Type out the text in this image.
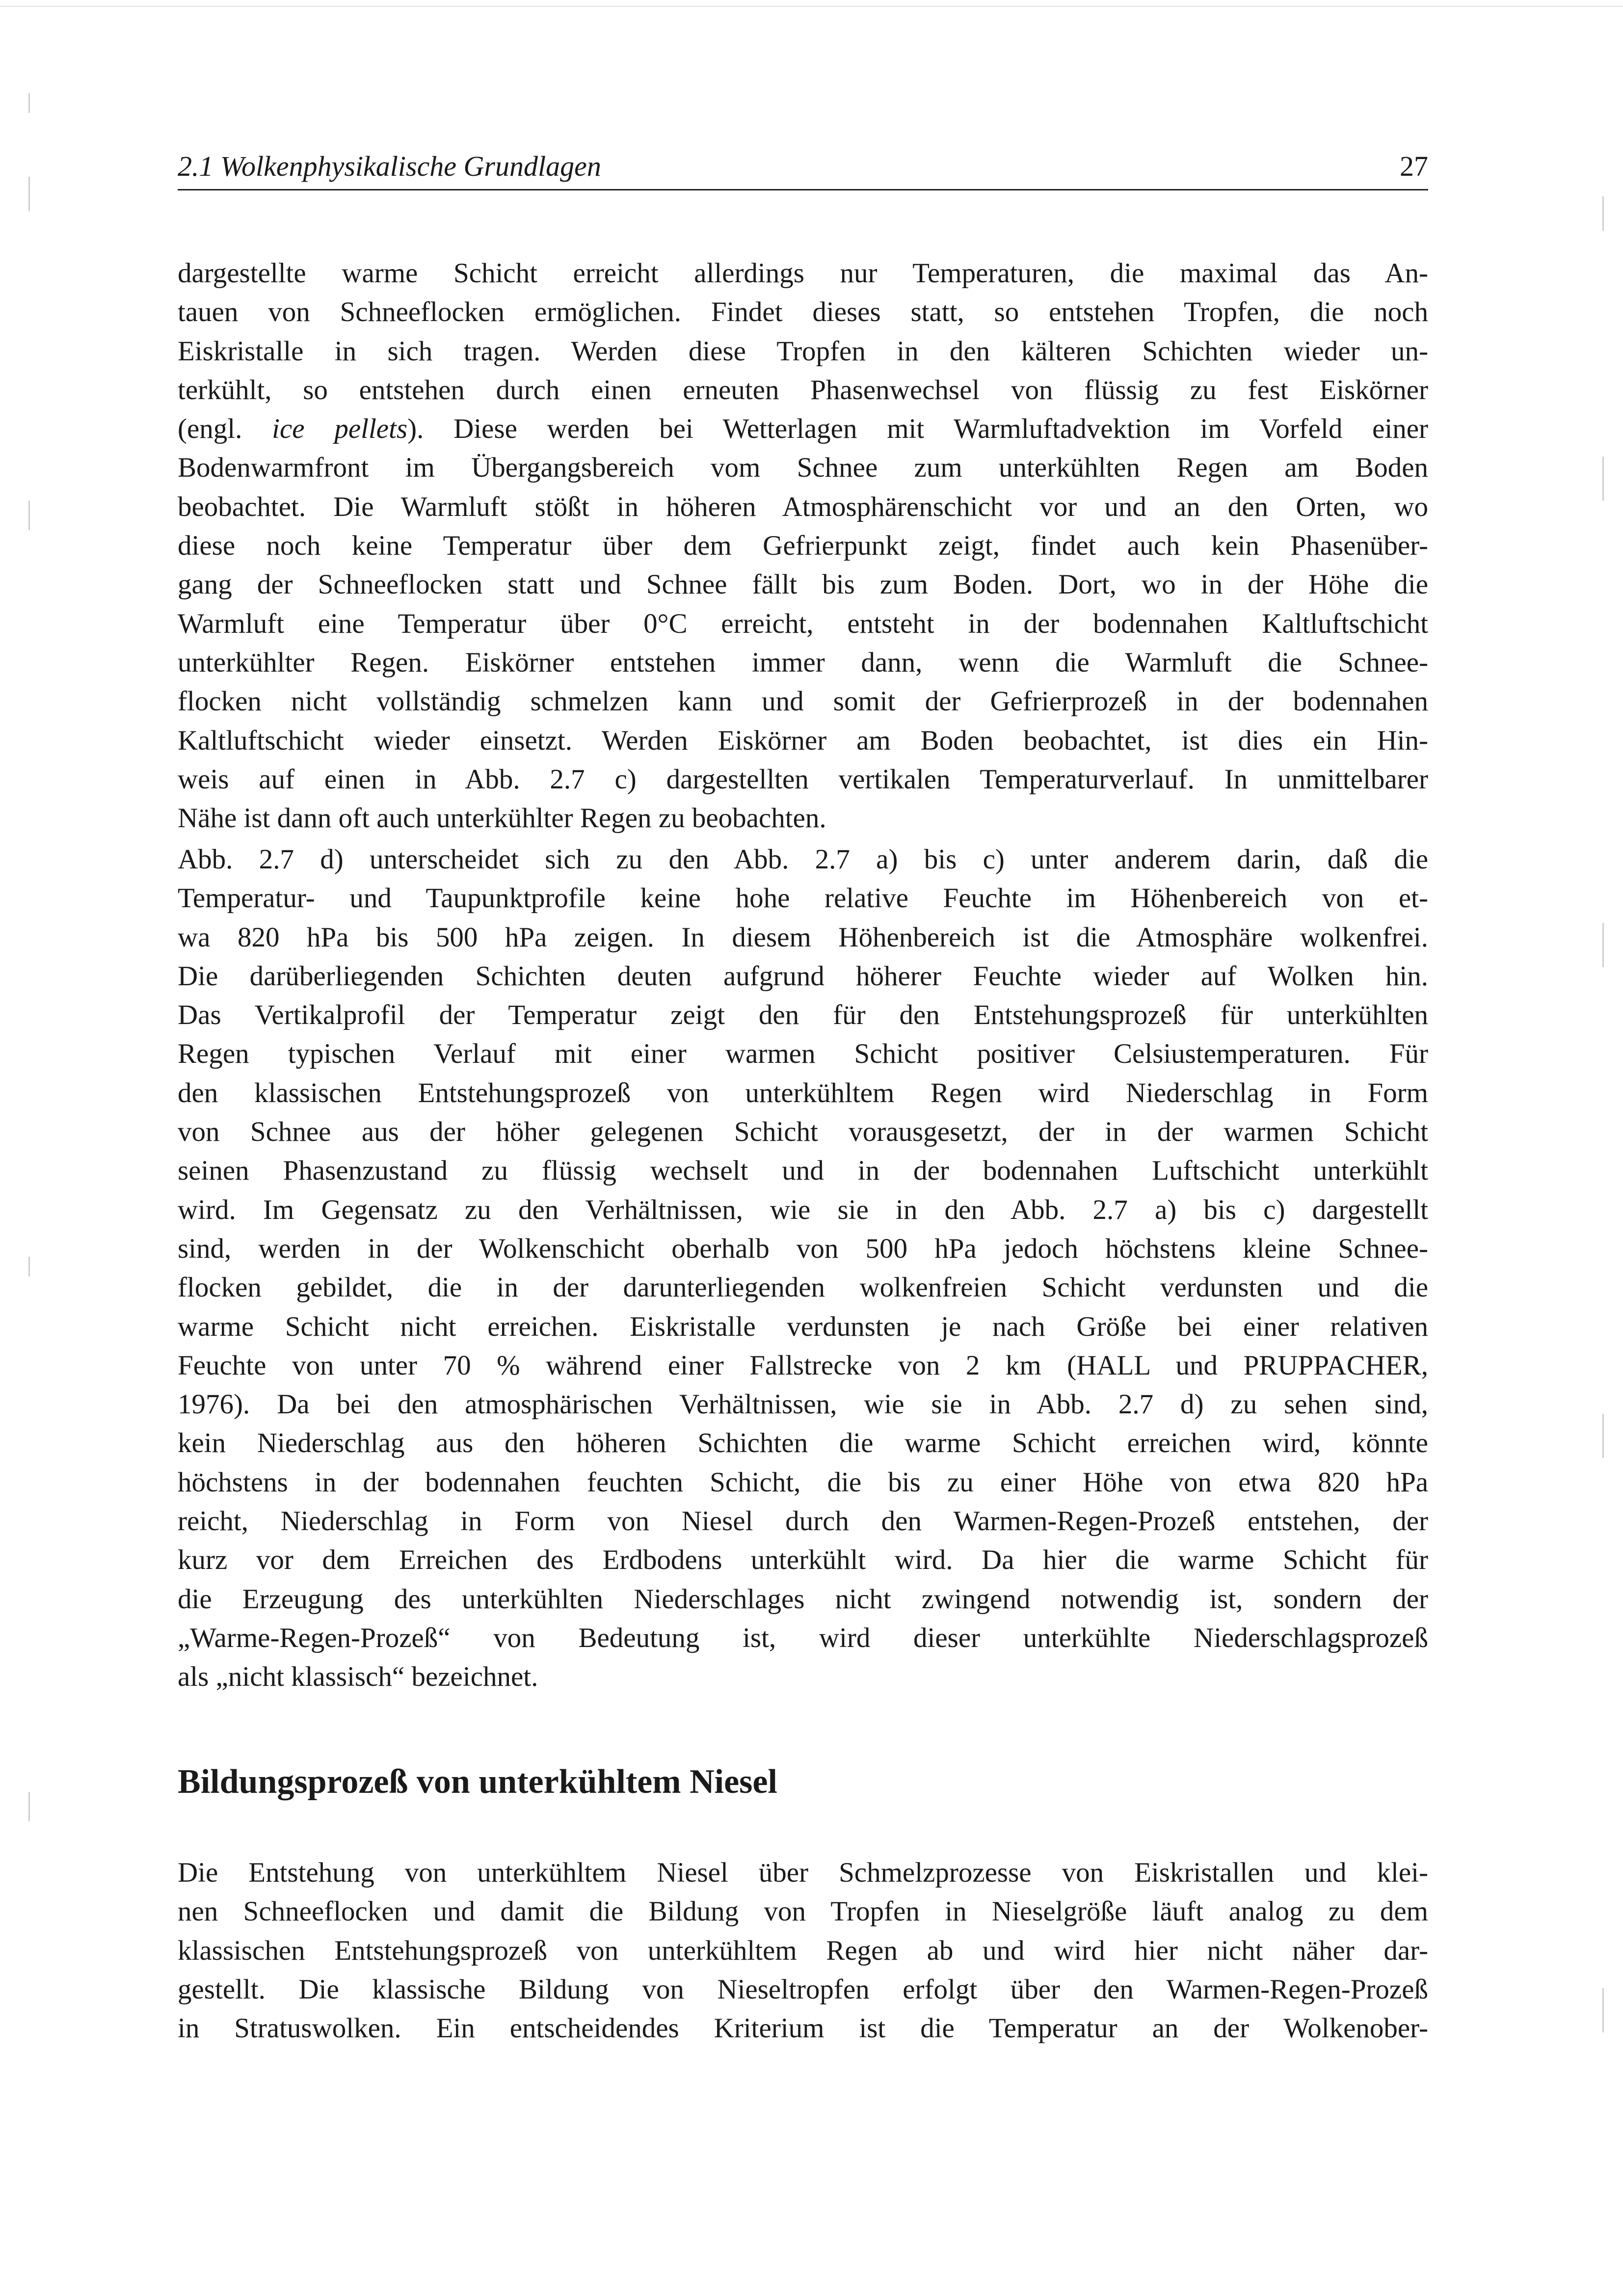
2.1 Wolkenphysikalische Grundlagen	27
dargestellte warme Schicht erreicht allerdings nur Temperaturen, die maximal das An-
tauen von Schneeflocken ermöglichen. Findet dieses statt, so entstehen Tropfen, die noch
Eiskristalle in sich tragen. Werden diese Tropfen in den kälteren Schichten wieder un-
terkühlt, so entstehen durch einen erneuten Phasenwechsel von flüssig zu fest Eiskörner
(engl. ice pellets). Diese werden bei Wetterlagen mit Warmluftadvektion im Vorfeld einer
Bodenwarmfront im Übergangsbereich vom Schnee zum unterkühlten Regen am Boden
beobachtet. Die Warmluft stößt in höheren Atmosphärenschicht vor und an den Orten, wo
diese noch keine Temperatur über dem Gefrierpunkt zeigt, findet auch kein Phasenüber-
gang der Schneeflocken statt und Schnee fällt bis zum Boden. Dort, wo in der Höhe die
Warmluft eine Temperatur über 0°C erreicht, entsteht in der bodennahen Kaltluftschicht
unterkühlter Regen. Eiskörner entstehen immer dann, wenn die Warmluft die Schnee-
flocken nicht vollständig schmelzen kann und somit der Gefrierprozeß in der bodennahen
Kaltluftschicht wieder einsetzt. Werden Eiskörner am Boden beobachtet, ist dies ein Hin-
weis auf einen in Abb. 2.7 c) dargestellten vertikalen Temperaturverlauf. In unmittelbarer
Nähe ist dann oft auch unterkühlter Regen zu beobachten.
Abb. 2.7 d) unterscheidet sich zu den Abb. 2.7 a) bis c) unter anderem darin, daß die
Temperatur- und Taupunktprofile keine hohe relative Feuchte im Höhenbereich von et-
wa 820 hPa bis 500 hPa zeigen. In diesem Höhenbereich ist die Atmosphäre wolkenfrei.
Die darüberliegenden Schichten deuten aufgrund höherer Feuchte wieder auf Wolken hin.
Das Vertikalprofil der Temperatur zeigt den für den Entstehungsprozeß für unterkühlten
Regen typischen Verlauf mit einer warmen Schicht positiver Celsiustemperaturen. Für
den klassischen Entstehungsprozeß von unterkühltem Regen wird Niederschlag in Form
von Schnee aus der höher gelegenen Schicht vorausgesetzt, der in der warmen Schicht
seinen Phasenzustand zu flüssig wechselt und in der bodennahen Luftschicht unterkühlt
wird. Im Gegensatz zu den Verhältnissen, wie sie in den Abb. 2.7 a) bis c) dargestellt
sind, werden in der Wolkenschicht oberhalb von 500 hPa jedoch höchstens kleine Schnee-
flocken gebildet, die in der darunterliegenden wolkenfreien Schicht verdunsten und die
warme Schicht nicht erreichen. Eiskristalle verdunsten je nach Größe bei einer relativen
Feuchte von unter 70 % während einer Fallstrecke von 2 km (HALL und PRUPPACHER,
1976). Da bei den atmosphärischen Verhältnissen, wie sie in Abb. 2.7 d) zu sehen sind,
kein Niederschlag aus den höheren Schichten die warme Schicht erreichen wird, könnte
höchstens in der bodennahen feuchten Schicht, die bis zu einer Höhe von etwa 820 hPa
reicht, Niederschlag in Form von Niesel durch den Warmen-Regen-Prozeß entstehen, der
kurz vor dem Erreichen des Erdbodens unterkühlt wird. Da hier die warme Schicht für
die Erzeugung des unterkühlten Niederschlages nicht zwingend notwendig ist, sondern der
„Warme-Regen-Prozeß“ von Bedeutung ist, wird dieser unterkühlte Niederschlagsprozeß
als „nicht klassisch“ bezeichnet.
Bildungsprozeß von unterkühltem Niesel
Die Entstehung von unterkühltem Niesel über Schmelzprozesse von Eiskristallen und klei-
nen Schneeflocken und damit die Bildung von Tropfen in Nieselgröße läuft analog zu dem
klassischen Entstehungsprozeß von unterkühltem Regen ab und wird hier nicht näher dar-
gestellt. Die klassische Bildung von Nieseltropfen erfolgt über den Warmen-Regen-Prozeß
in Stratuswolken. Ein entscheidendes Kriterium ist die Temperatur an der Wolkenober-
